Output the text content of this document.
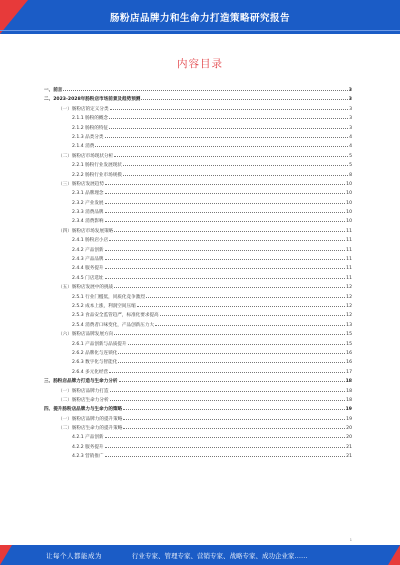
肠粉店品牌力和生命力打造策略研究报告
内容目录
一、前言	3
二、2023-2028年肠粉店市场前景及趋势预测	3
（一）肠粉店的定义分类	3
2.1.1 肠粉的概念	3
2.1.2 肠粉的特征	3
2.1.3 品类分类	4
2.1.4 消费	4
（二）肠粉店市场现状分析	5
2.2.1 肠粉行业发展现状	5
2.2.2 肠粉行业市场规模	8
（三）肠粉店发展趋势	10
2.3.1 品牌理念	10
2.3.2 产业发展	10
2.3.3 消费品牌	10
2.3.4 消费影响	10
（四）肠粉店市场发展策略	11
2.4.1 肠粉店小店	11
2.4.2 产品创新	11
2.4.3 产品品牌	11
2.4.4 服务提升	11
2.4.5 门店选址	11
（五）肠粉店发展中的挑战	12
2.5.1 行业门槛低，同质化竞争激烈	12
2.5.2 成本上涨，利润空间压缩	12
2.5.3 食品安全监管趋严，标准化要求提高	12
2.5.4 消费者口味变化，产品创新压力大	13
（六）肠粉店品牌发展方向	15
2.6.1 产品创新与品质提升	15
2.6.2 品牌化与连锁化	16
2.6.3 数字化与智能化	16
2.6.4 多元化经营	17
三、肠粉店品牌力打造与生命力分析	18
（一）肠粉店品牌力打造	18
（二）肠粉店生命力分析	18
四、提升肠粉店品牌力与生命力的策略	19
（一）肠粉店品牌力的提升策略	19
（二）肠粉店生命力的提升策略	20
4.2.1 产品创新	20
4.2.2 服务提升	21
4.2.3 营销推广	21
1
让每个人都能成为	行业专家、管理专家、营销专家、战略专家、成功企业家……
